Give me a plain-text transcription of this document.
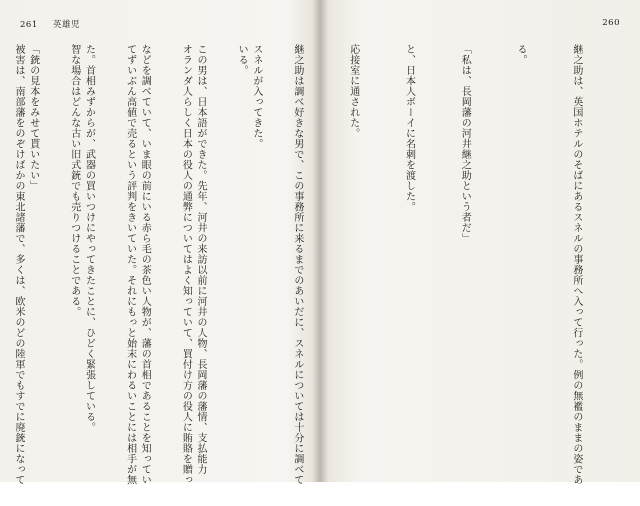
261 英雄児

スネルが入ってきた。

この男は、日本語ができた。先年、河井の来訪以前に河井の人物、長岡藩の藩情、支払能力

などを調べていて、いま眼の前にいる赤ら毛の茶色い人物が、藩の首相であることを知ってい

た。首相みずからが、武器の買いつけにやってきたことに、ひどく緊張している。

「銃の見本をみせて貰いたい」

260

継之助は、英国ホテルのそばにあるスネルの事務所へ入って行った。例の無襤のままの姿であ

る。

「私は、長岡藩の河井継之助という者だ」

と、日本人ボーイに名刺を渡した。

応接室に通された。

継之助は調べ好きな男で、この事務所に来るまでのあいだに、スネルについては十分に調べて

いる。

オランダ人らしく日本の役人の通弊についてはよく知っていて、買付け方の役人に賄賂を贈っ

てずいぶん高値で売るという評判をきいていた。それにもっと始末にわるいことには相手が無

智な場合はどんな古い旧式銃でも売りつけることである。

被害は、南部藩をのぞけばかの東北諸藩で、多くは、欧米のどの陸軍でもすでに廃銃になって
